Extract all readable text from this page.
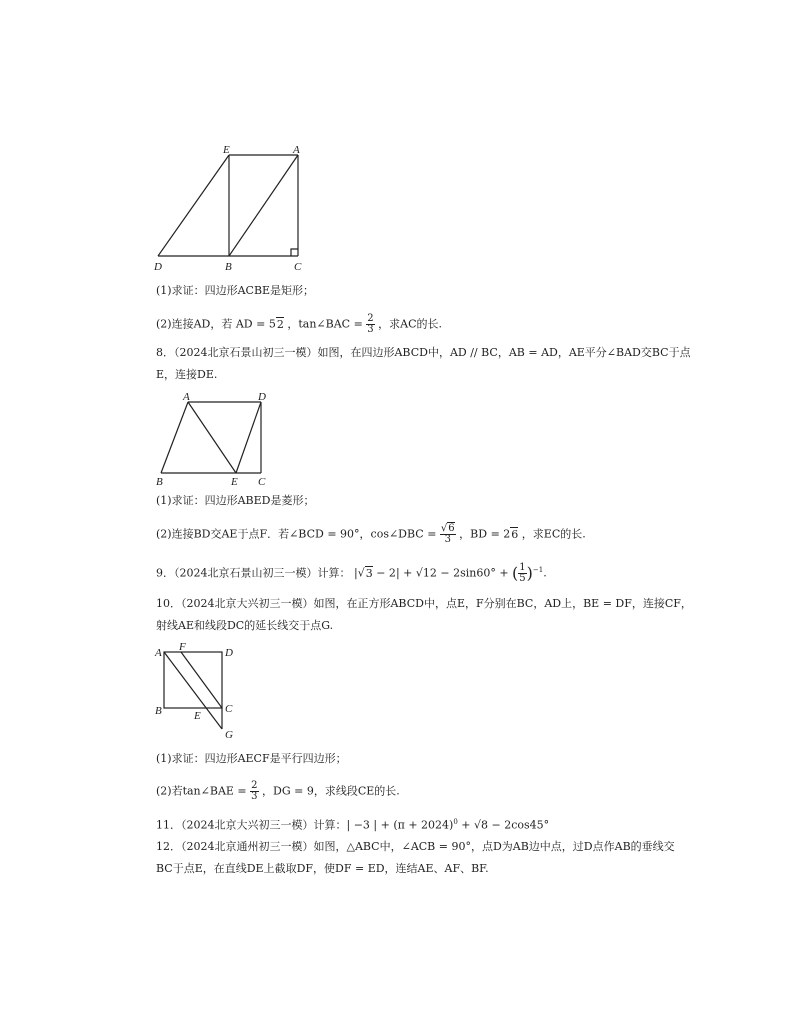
E	A
D	B	C
(1)求证：四边形ACBE是矩形；
(2)连接AD，若 AD = 52 ，tan∠BAC = $\frac{2}{3}$ ，求AC的长.
8．（2024北京石景山初三一模）如图，在四边形ABCD中，AD // BC，AB = AD，AE平分∠BAD交BC于点
E，连接DE.
A	D
B	E C
(1)求证：四边形ABED是菱形；
(2)连接BD交AE于点F．若∠BCD = 90°，cos∠DBC = $\frac{√6}{3}$ ，BD = 26 ，求EC的长.
9．（2024北京石景山初三一模）计算： |√3 − 2| + √12 − 2sin60° + ( $\frac{1}{5} )^{-1}$.
10．（2024北京大兴初三一模）如图，在正方形ABCD中，点E，F分别在BC，AD上，BE = DF，连接CF，
射线AE和线段DC的延长线交于点G.
A F	D
B	E
C
G
(1)求证：四边形AECF是平行四边形；
(2)若tan∠BAE = $\frac{2}{3}$ ，DG = 9，求线段CE的长.
11．（2024北京大兴初三一模）计算：| −3 | + $(\pi + 2024)^0 + √8 - 2\cos 45^\circ$
12．（2024北京通州初三一模）如图，△ABC中，∠ACB = 90°，点D为AB边中点，过D点作AB的垂线交
BC于点E，在直线DE上截取DF，使DF = ED，连结AE、AF、BF.
